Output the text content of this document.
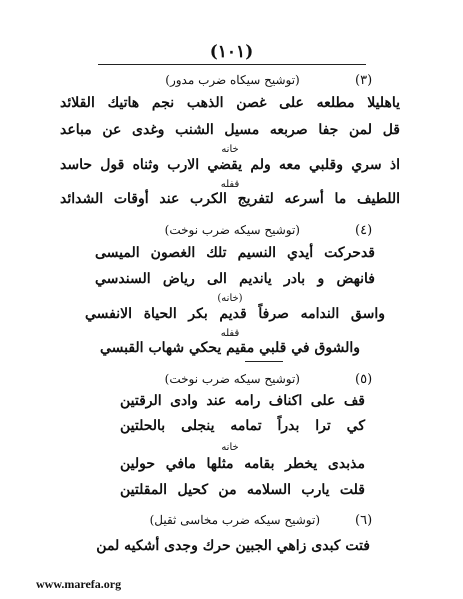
(١٠١)
(٣)
(توشيح سيكاه ضرب مدور)
ياهليلا مطلعه على غصن الذهب نجم هاتيك القلائد
قل لمن جفا صربعه مسيل الشنب وغدى عن مباعد
خانه
اذ سري وقلبي معه ولم يقضي الارب وثناه قول حاسد
قفله
اللطيف ما أسرعه لتفريج الكرب عند أوقات الشدائد
(٤)
(توشيح سيكه ضرب نوخت)
قدحركت أيدي النسيم تلك الغصون الميسى
فانهض و بادر يانديم الى رياض السندسي
(خانه)
واسق الندامه صرفاً قديم بكر الحياة الانفسي
قفله
والشوق في قلبي مقيم يحكي شهاب القبسي
(٥)
(توشيح سيكه ضرب نوخت)
قف على اكناف رامه عند وادى الرقتين
كي ترا بدراً تمامه ينجلى بالحلتين
خانه
مذبدى يخطر بقامه مثلها مافي حولين
قلت يارب السلامه من كحيل المقلتين
(٦)
(توشيح سيكه ضرب مخاسى ثقيل)
فتت كبدى زاهي الجبين حرك وجدى أشكيه لمن
www.marefa.org
